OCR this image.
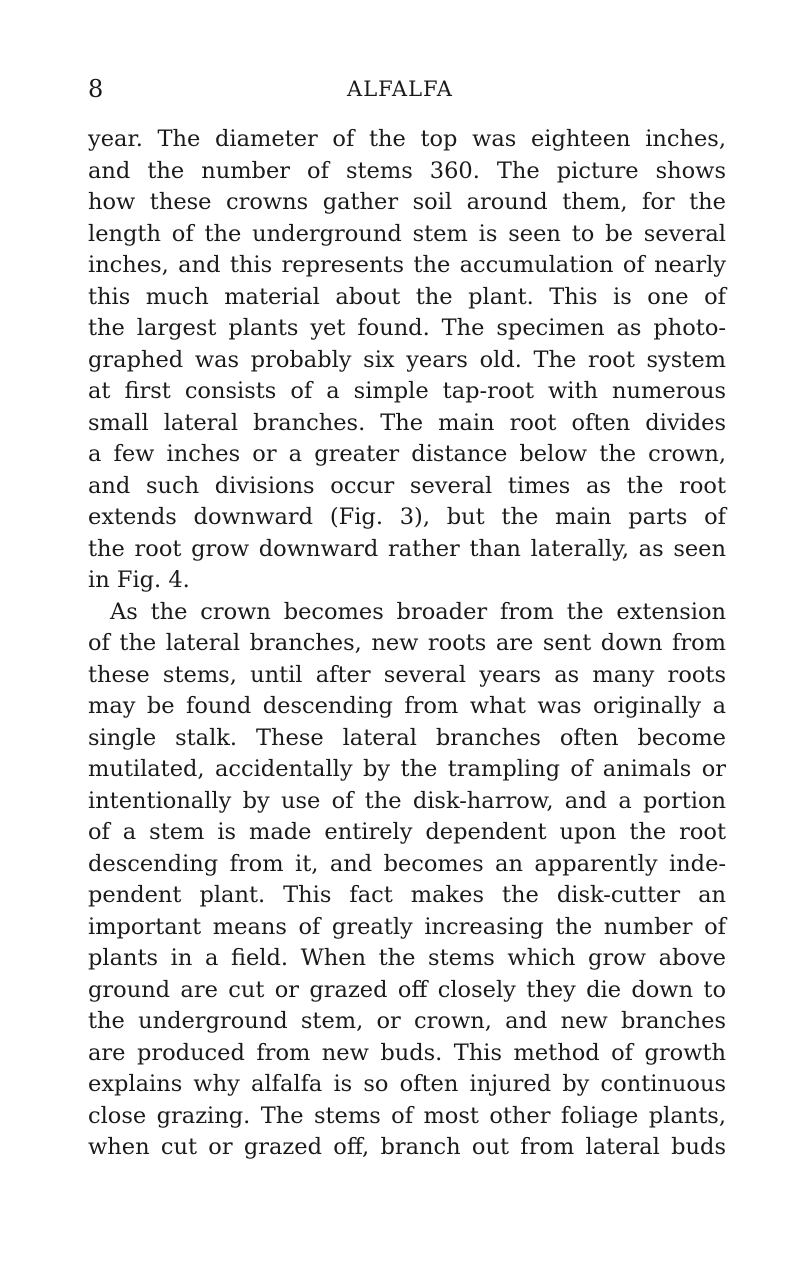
8	ALFALFA
year. The diameter of the top was eighteen inches,
and the number of stems 360. The picture shows
how these crowns gather soil around them, for the
length of the underground stem is seen to be several
inches, and this represents the accumulation of nearly
this much material about the plant. This is one of
the largest plants yet found. The specimen as photo-
graphed was probably six years old. The root system
at first consists of a simple tap-root with numerous
small lateral branches. The main root often divides
a few inches or a greater distance below the crown,
and such divisions occur several times as the root
extends downward (Fig. 3), but the main parts of
the root grow downward rather than laterally, as seen
in Fig. 4.
As the crown becomes broader from the extension
of the lateral branches, new roots are sent down from
these stems, until after several years as many roots
may be found descending from what was originally a
single stalk. These lateral branches often become
mutilated, accidentally by the trampling of animals or
intentionally by use of the disk-harrow, and a portion
of a stem is made entirely dependent upon the root
descending from it, and becomes an apparently inde-
pendent plant. This fact makes the disk-cutter an
important means of greatly increasing the number of
plants in a field. When the stems which grow above
ground are cut or grazed off closely they die down to
the underground stem, or crown, and new branches
are produced from new buds. This method of growth
explains why alfalfa is so often injured by continuous
close grazing. The stems of most other foliage plants,
when cut or grazed off, branch out from lateral buds
